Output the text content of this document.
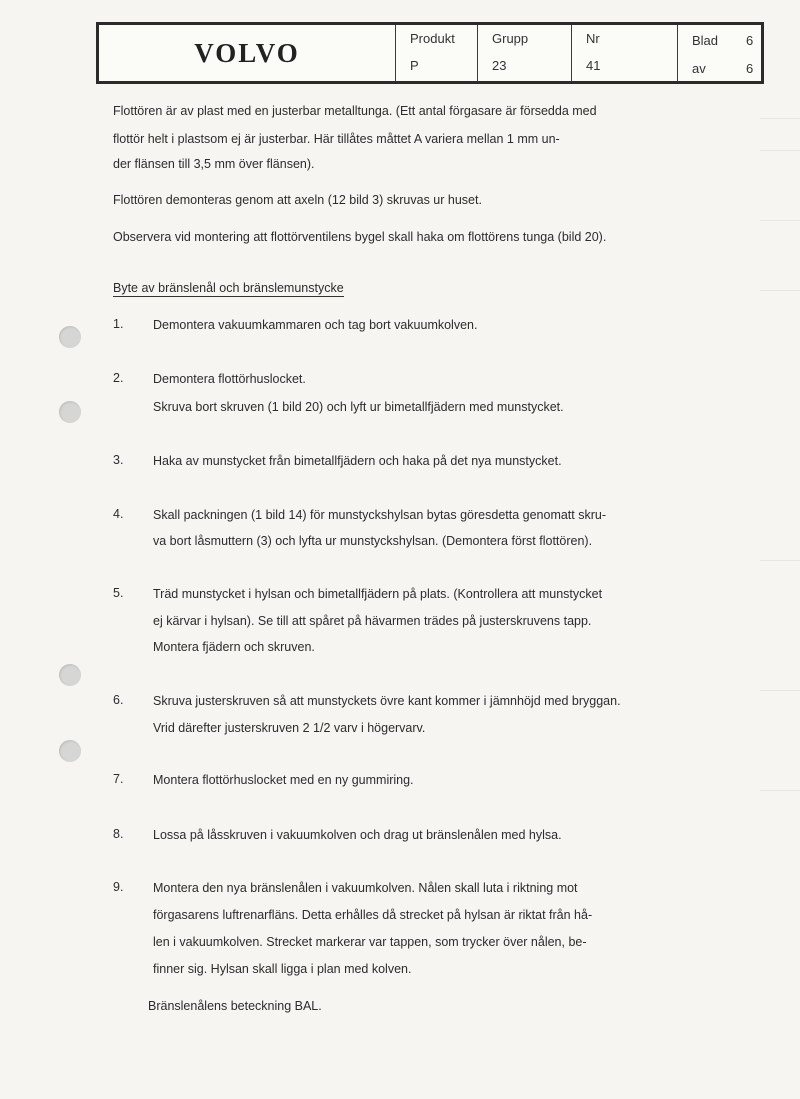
VOLVO	Produkt
P
Grupp
23
Nr
41
Blad 6
av	6
Flottören är av plast med en justerbar metalltunga. (Ett antal förgasare är försedda med
flottör helt i plastsom ej är justerbar. Här tillåtes måttet A variera mellan 1 mm un-
der flänsen till 3,5 mm över flänsen).
Flottören demonteras genom att axeln (12 bild 3) skruvas ur huset.
Observera vid montering att flottörventilens bygel skall haka om flottörens tunga (bild 20).
Byte av bränslenål och bränslemunstycke
1. Demontera vakuumkammaren och tag bort vakuumkolven.
2. Demontera flottörhuslocket.
Skruva bort skruven (1 bild 20) och lyft ur bimetallfjädern med munstycket.
3. Haka av munstycket från bimetallfjädern och haka på det nya munstycket.
4. Skall packningen (1 bild 14) för munstyckshylsan bytas göresdetta genomatt skru-
va bort låsmuttern (3) och lyfta ur munstyckshylsan. (Demontera först flottören).
5. Träd munstycket i hylsan och bimetallfjädern på plats. (Kontrollera att munstycket
ej kärvar i hylsan). Se till att spåret på hävarmen trädes på justerskruvens tapp.
Montera fjädern och skruven.
6. Skruva justerskruven så att munstyckets övre kant kommer i jämnhöjd med bryggan.
Vrid därefter justerskruven 2 1/2 varv i högervarv.
7. Montera flottörhuslocket med en ny gummiring.
8. Lossa på låsskruven i vakuumkolven och drag ut bränslenålen med hylsa.
9. Montera den nya bränslenålen i vakuumkolven. Nålen skall luta i riktning mot
förgasarens luftrenarfläns. Detta erhålles då strecket på hylsan är riktat från hå-
len i vakuumkolven. Strecket markerar var tappen, som trycker över nålen, be-
finner sig. Hylsan skall ligga i plan med kolven.
Bränslenålens beteckning BAL.
